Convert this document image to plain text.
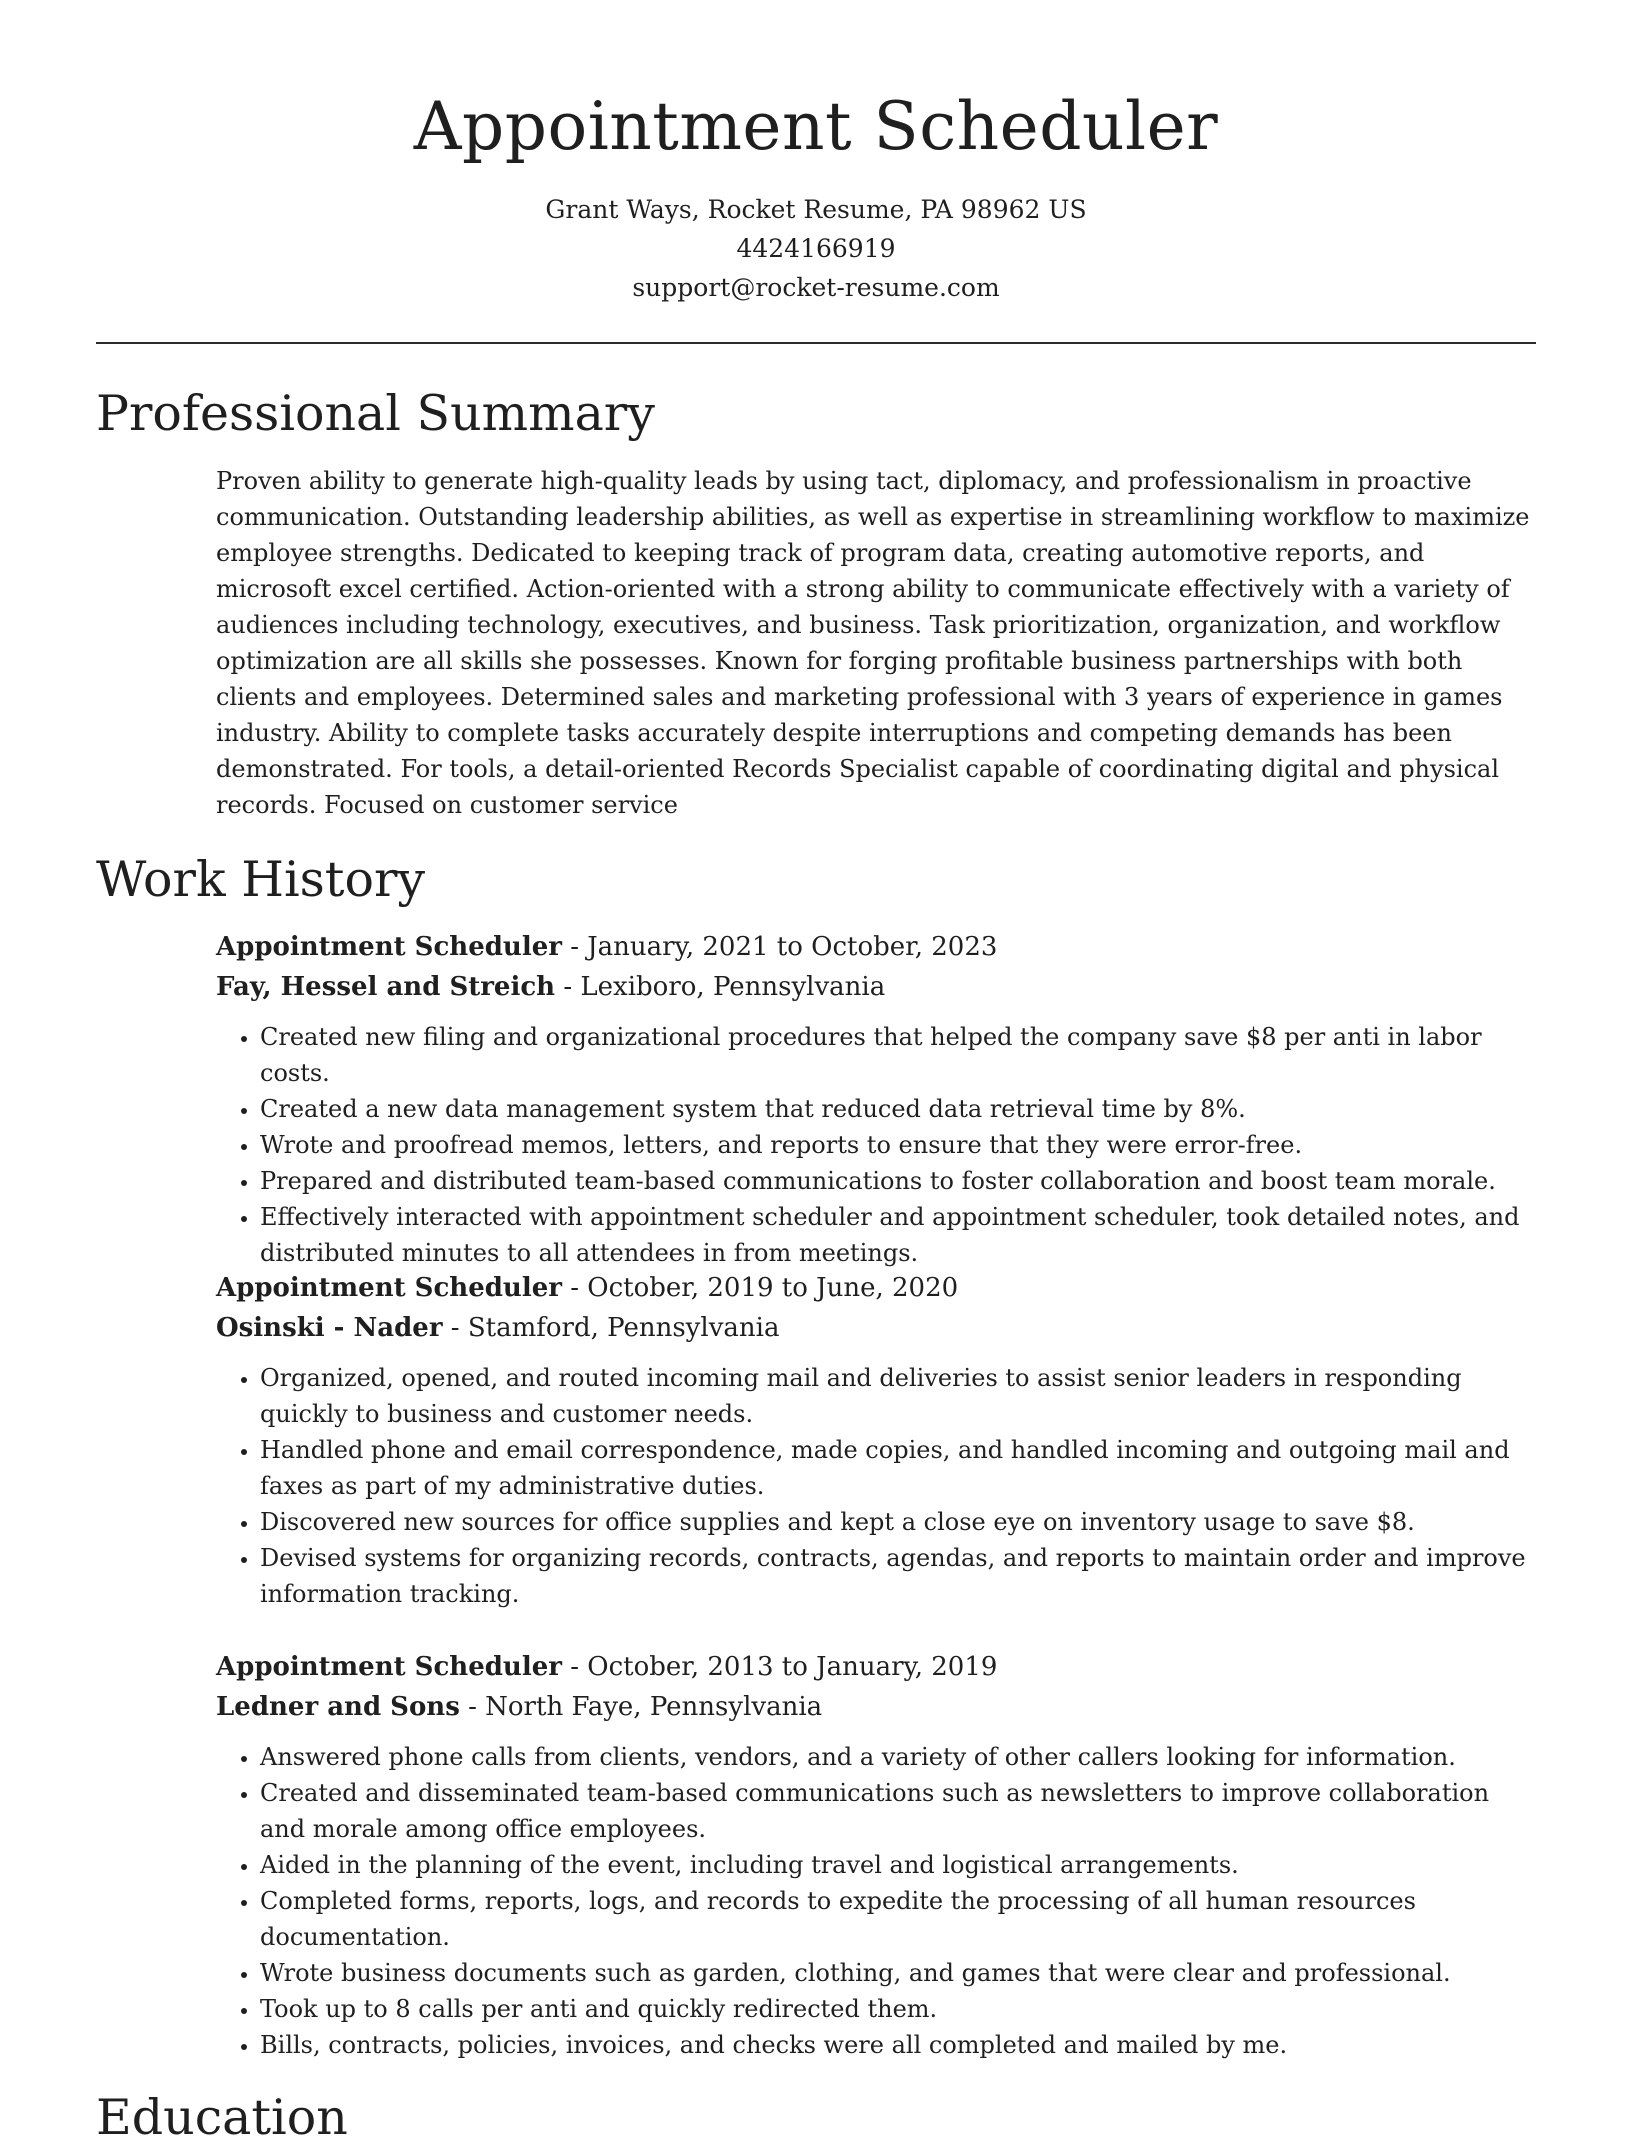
Appointment Scheduler
Grant Ways, Rocket Resume, PA 98962 US
4424166919
support@rocket-resume.com
Professional Summary

Proven ability to generate high-quality leads by using tact, diplomacy, and professionalism in proactive communication. Outstanding leadership abilities, as well as expertise in streamlining workflow to maximize employee strengths. Dedicated to keeping track of program data, creating automotive reports, and microsoft excel certified. Action-oriented with a strong ability to communicate effectively with a variety of audiences including technology, executives, and business. Task prioritization, organization, and workflow optimization are all skills she possesses. Known for forging profitable business partnerships with both clients and employees. Determined sales and marketing professional with 3 years of experience in games industry. Ability to complete tasks accurately despite interruptions and competing demands has been demonstrated. For tools, a detail-oriented Records Specialist capable of coordinating digital and physical records. Focused on customer service

Work History
Appointment Scheduler - January, 2021 to October, 2023
Fay, Hessel and Streich - Lexiboro, Pennsylvania
• Created new filing and organizational procedures that helped the company save $8 per anti in labor costs.
• Created a new data management system that reduced data retrieval time by 8%.
• Wrote and proofread memos, letters, and reports to ensure that they were error-free.
• Prepared and distributed team-based communications to foster collaboration and boost team morale.
• Effectively interacted with appointment scheduler and appointment scheduler, took detailed notes, and distributed minutes to all attendees in from meetings.
Appointment Scheduler - October, 2019 to June, 2020
Osinski - Nader - Stamford, Pennsylvania
• Organized, opened, and routed incoming mail and deliveries to assist senior leaders in responding quickly to business and customer needs.
• Handled phone and email correspondence, made copies, and handled incoming and outgoing mail and faxes as part of my administrative duties.
• Discovered new sources for office supplies and kept a close eye on inventory usage to save $8.
• Devised systems for organizing records, contracts, agendas, and reports to maintain order and improve information tracking.
Appointment Scheduler - October, 2013 to January, 2019
Ledner and Sons - North Faye, Pennsylvania
• Answered phone calls from clients, vendors, and a variety of other callers looking for information.
• Created and disseminated team-based communications such as newsletters to improve collaboration and morale among office employees.
• Aided in the planning of the event, including travel and logistical arrangements.
• Completed forms, reports, logs, and records to expedite the processing of all human resources documentation.
• Wrote business documents such as garden, clothing, and games that were clear and professional.
• Took up to 8 calls per anti and quickly redirected them.
• Bills, contracts, policies, invoices, and checks were all completed and mailed by me.
Education
